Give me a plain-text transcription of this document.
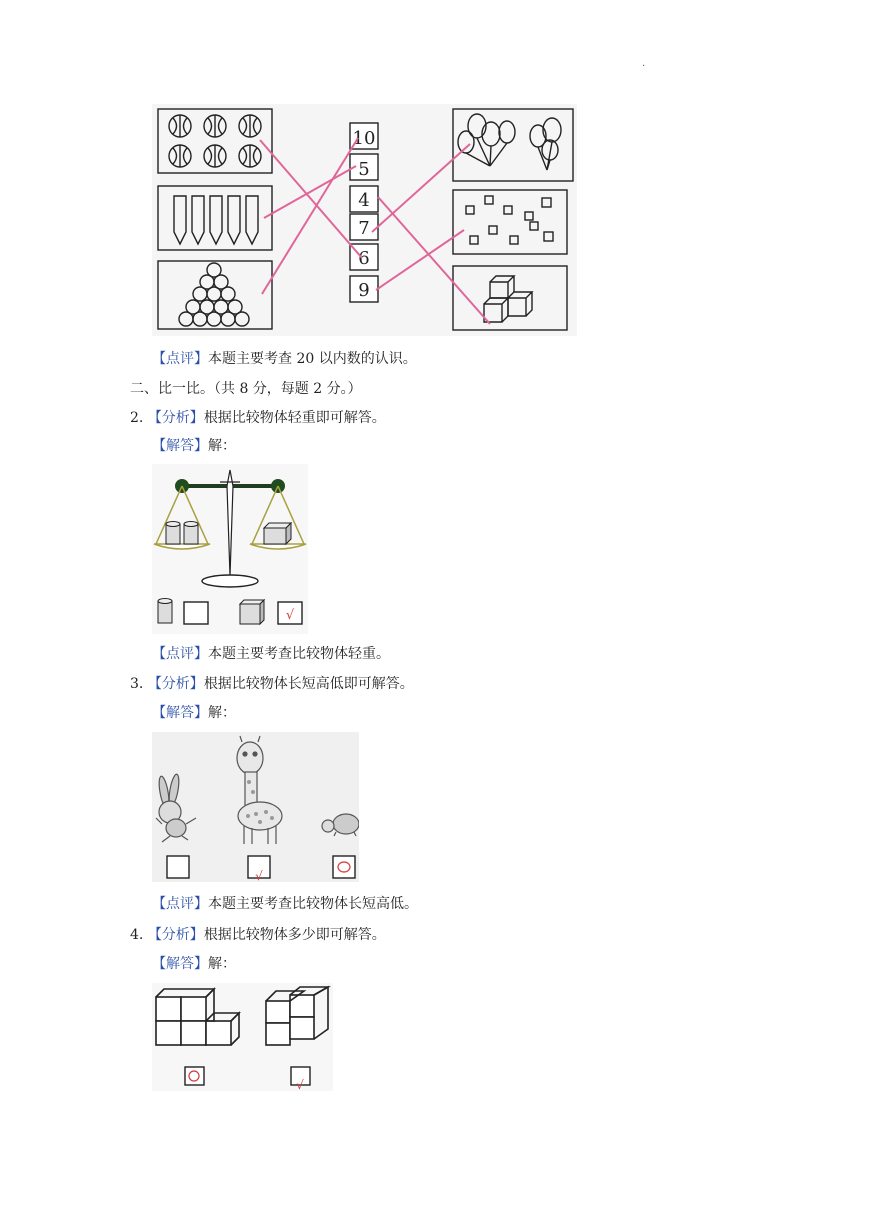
.
10
5
4
7
6
9
【点评】本题主要考查 20 以内数的认识。
二、比一比。（共 8 分，每题 2 分。）
2. 【分析】根据比较物体轻重即可解答。
【解答】解：
√
【点评】本题主要考查比较物体轻重。
3. 【分析】根据比较物体长短高低即可解答。
【解答】解：
√
【点评】本题主要考查比较物体长短高低。
4. 【分析】根据比较物体多少即可解答。
【解答】解：
√
